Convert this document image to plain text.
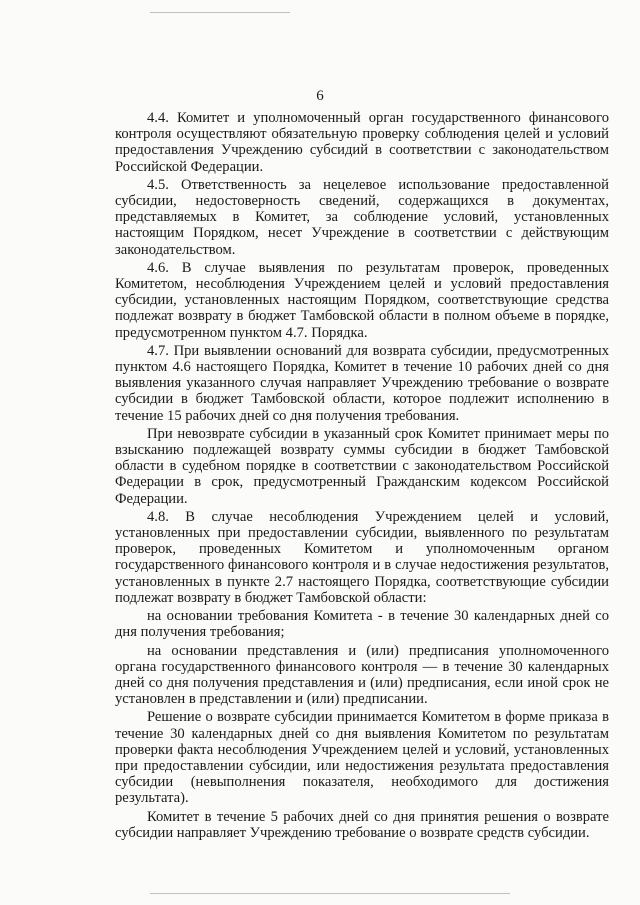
6

4.4. Комитет и уполномоченный орган государственного финансового контроля осуществляют обязательную проверку соблюдения целей и условий предоставления Учреждению субсидий в соответствии с законодательством Российской Федерации.

4.5. Ответственность за нецелевое использование предоставленной субсидии, недостоверность сведений, содержащихся в документах, представляемых в Комитет, за соблюдение условий, установленных настоящим Порядком, несет Учреждение в соответствии с действующим законодательством.

4.6. В случае выявления по результатам проверок, проведенных Комитетом, несоблюдения Учреждением целей и условий предоставления субсидии, установленных настоящим Порядком, соответствующие средства подлежат возврату в бюджет Тамбовской области в полном объеме в порядке, предусмотренном пунктом 4.7. Порядка.

4.7. При выявлении оснований для возврата субсидии, предусмотренных пунктом 4.6 настоящего Порядка, Комитет в течение 10 рабочих дней со дня выявления указанного случая направляет Учреждению требование о возврате субсидии в бюджет Тамбовской области, которое подлежит исполнению в течение 15 рабочих дней со дня получения требования.

При невозврате субсидии в указанный срок Комитет принимает меры по взысканию подлежащей возврату суммы субсидии в бюджет Тамбовской области в судебном порядке в соответствии с законодательством Российской Федерации в срок, предусмотренный Гражданским кодексом Российской Федерации.

4.8. В случае несоблюдения Учреждением целей и условий, установленных при предоставлении субсидии, выявленного по результатам проверок, проведенных Комитетом и уполномоченным органом государственного финансового контроля и в случае недостижения результатов, установленных в пункте 2.7 настоящего Порядка, соответствующие субсидии подлежат возврату в бюджет Тамбовской области:

на основании требования Комитета - в течение 30 календарных дней со дня получения требования;

на основании представления и (или) предписания уполномоченного органа государственного финансового контроля — в течение 30 календарных дней со дня получения представления и (или) предписания, если иной срок не установлен в представлении и (или) предписании.

Решение о возврате субсидии принимается Комитетом в форме приказа в течение 30 календарных дней со дня выявления Комитетом по результатам проверки факта несоблюдения Учреждением целей и условий, установленных при предоставлении субсидии, или недостижения результата предоставления субсидии (невыполнения показателя, необходимого для достижения результата).

Комитет в течение 5 рабочих дней со дня принятия решения о возврате субсидии направляет Учреждению требование о возврате средств субсидии.
